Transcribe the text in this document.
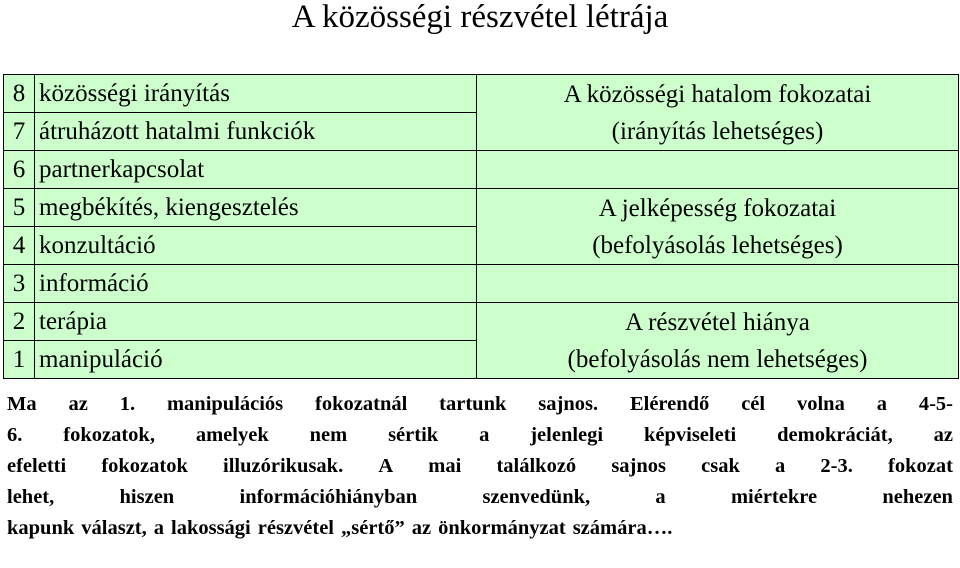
A közösségi részvétel létrája
8	közösségi irányítás	A közösségi hatalom fokozatai
(irányítás lehetséges)

7	átruházott hatalmi funkciók	
6	partnerkapcsolat	
5	megbékítés, kiengesztelés	A jelképesség fokozatai
(befolyásolás lehetséges)

4	konzultáció	
3	információ	
2	terápia	A részvétel hiánya
(befolyásolás nem lehetséges)

1	manipuláció	
Ma az 1. manipulációs fokozatnál tartunk sajnos. Elérendő cél volna a 4-5-
6. fokozatok, amelyek nem sértik a jelenlegi képviseleti demokráciát, az
efeletti fokozatok illuzórikusak. A mai találkozó sajnos csak a 2-3. fokozat
lehet,	hiszen	információhiányban	szenvedünk,	a	miértekre	nehezen
kapunk választ, a lakossági részvétel „sértő” az önkormányzat számára….
